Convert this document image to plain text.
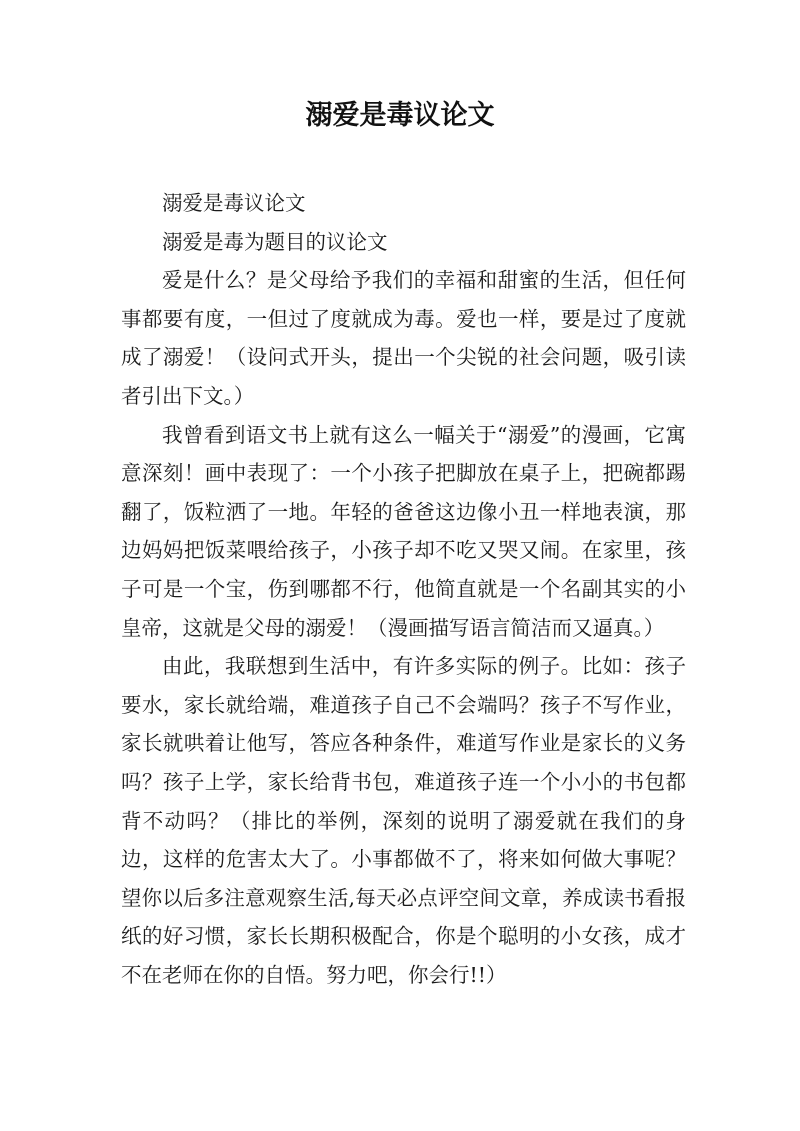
溺爱是毒议论文

溺爱是毒议论文

溺爱是毒为题目的议论文

爱是什么？是父母给予我们的幸福和甜蜜的生活，但任何事都要有度，一但过了度就成为毒。爱也一样，要是过了度就成了溺爱！（设问式开头，提出一个尖锐的社会问题，吸引读者引出下文。）

我曾看到语文书上就有这么一幅关于“溺爱”的漫画，它寓意深刻！画中表现了：一个小孩子把脚放在桌子上，把碗都踢翻了，饭粒洒了一地。年轻的爸爸这边像小丑一样地表演，那边妈妈把饭菜喂给孩子，小孩子却不吃又哭又闹。在家里，孩子可是一个宝，伤到哪都不行，他简直就是一个名副其实的小皇帝，这就是父母的溺爱！（漫画描写语言简洁而又逼真。）

由此，我联想到生活中，有许多实际的例子。比如：孩子要水，家长就给端，难道孩子自己不会端吗？孩子不写作业，家长就哄着让他写，答应各种条件，难道写作业是家长的义务吗？孩子上学，家长给背书包，难道孩子连一个小小的书包都背不动吗？（排比的举例，深刻的说明了溺爱就在我们的身边，这样的危害太大了。小事都做不了，将来如何做大事呢？望你以后多注意观察生活,每天必点评空间文章，养成读书看报纸的好习惯，家长长期积极配合，你是个聪明的小女孩，成才不在老师在你的自悟。努力吧，你会行!!）
